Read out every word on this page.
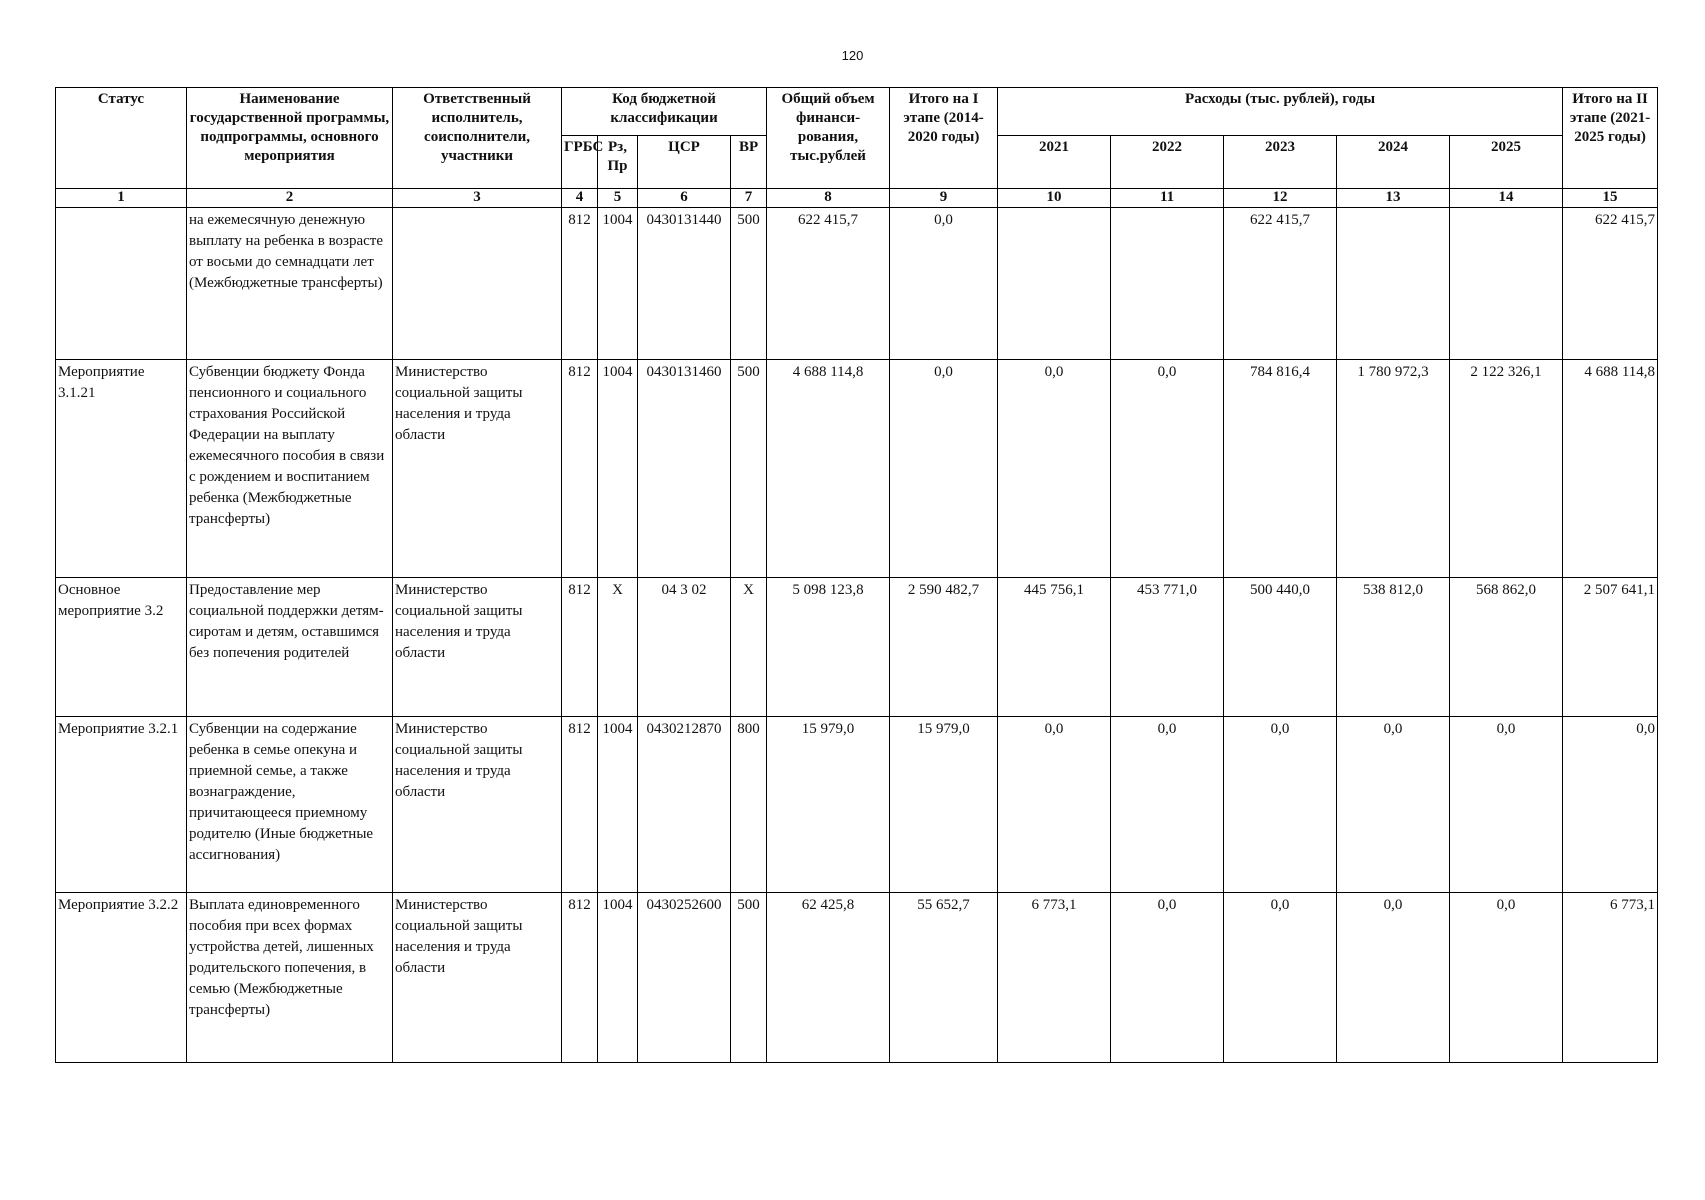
120
Статус	Наименование государственной программы, подпрограммы, основного мероприятия	Ответственный исполнитель, соисполнители, участники	Код бюджетной классификации				Общий объем финанси-рования, тыс.рублей	Итого на I этапе (2014-2020 годы)	Расходы (тыс. рублей), годы					Итого на II этапе (2021-2025 годы)
			ГРБС	Рз, Пр	ЦСР	ВР			2021	2022	2023	2024	2025	
1	2	3	4	5	6	7	8	9	10	11	12	13	14	15
	на ежемесячную денежную выплату на ребенка в возрасте от восьми до семнадцати лет (Межбюджетные трансферты)		812	1004	0430131440	500	622 415,7	0,0			622 415,7			622 415,7
Мероприятие 3.1.21	Субвенции бюджету Фонда пенсионного и социального страхования Российской Федерации на выплату ежемесячного пособия в связи с рождением и воспитанием ребенка (Межбюджетные трансферты)	Министерство социальной защиты населения и труда области	812	1004	0430131460	500	4 688 114,8	0,0	0,0	0,0	784 816,4	1 780 972,3	2 122 326,1	4 688 114,8
Основное мероприятие 3.2	Предоставление мер социальной поддержки детям-сиротам и детям, оставшимся без попечения родителей	Министерство социальной защиты населения и труда области	812	Х	04 3 02	Х	5 098 123,8	2 590 482,7	445 756,1	453 771,0	500 440,0	538 812,0	568 862,0	2 507 641,1
Мероприятие 3.2.1	Субвенции на содержание ребенка в семье опекуна и приемной семье, а также вознаграждение, причитающееся приемному родителю (Иные бюджетные ассигнования)	Министерство социальной защиты населения и труда области	812	1004	0430212870	800	15 979,0	15 979,0	0,0	0,0	0,0	0,0	0,0	0,0
Мероприятие 3.2.2	Выплата единовременного пособия при всех формах устройства детей, лишенных родительского попечения, в семью (Межбюджетные трансферты)	Министерство социальной защиты населения и труда области	812	1004	0430252600	500	62 425,8	55 652,7	6 773,1	0,0	0,0	0,0	0,0	6 773,1
